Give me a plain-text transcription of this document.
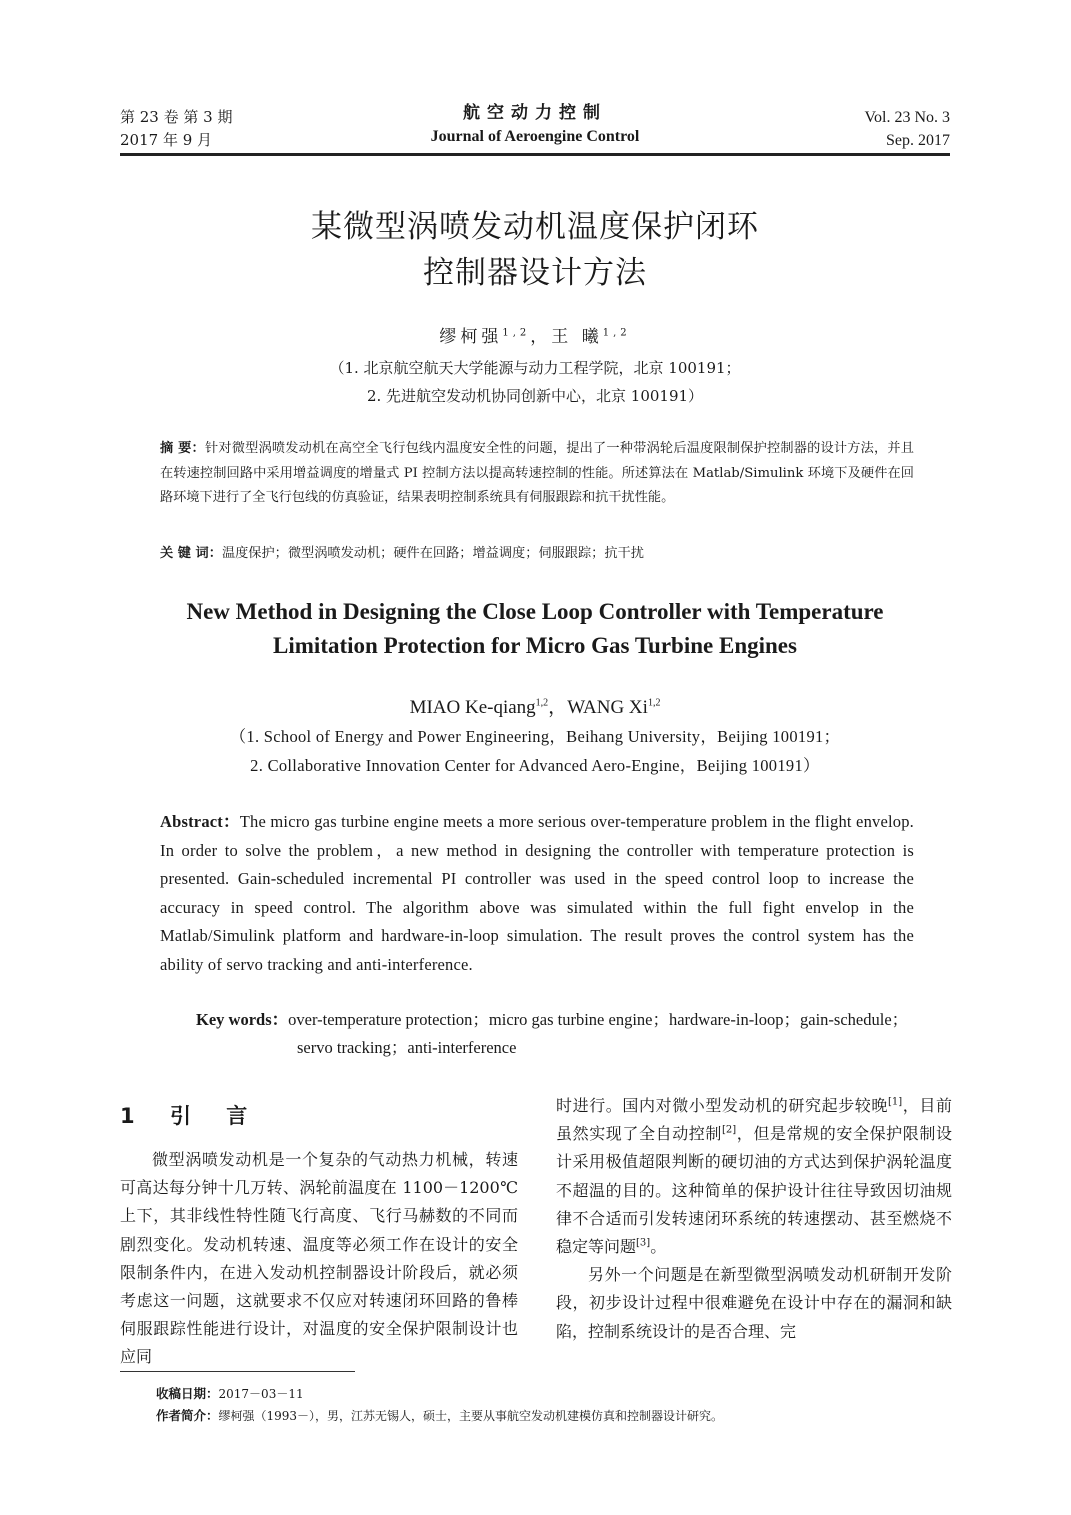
第 23 卷 第 3 期
2017 年 9 月
航空动力控制
Journal of Aeroengine Control
Vol. 23 No. 3
Sep. 2017
某微型涡喷发动机温度保护闭环
控制器设计方法
缪柯强$^{1,2}$，王 曦$^{1,2}$
（1. 北京航空航天大学能源与动力工程学院，北京 100191；
2. 先进航空发动机协同创新中心，北京 100191）
摘 要：针对微型涡喷发动机在高空全飞行包线内温度安全性的问题，提出了一种带涡轮后温度限制保护控制器的设计方法，并且在转速控制回路中采用增益调度的增量式 PI 控制方法以提高转速控制的性能。所述算法在 Matlab/Simulink 环境下及硬件在回路环境下进行了全飞行包线的仿真验证，结果表明控制系统具有伺服跟踪和抗干扰性能。
关 键 词：温度保护；微型涡喷发动机；硬件在回路；增益调度；伺服跟踪；抗干扰
New Method in Designing the Close Loop Controller with Temperature
Limitation Protection for Micro Gas Turbine Engines
MIAO Ke-qiang$^{1,2}$，WANG Xi$^{1,2}$
（1. School of Energy and Power Engineering，Beihang University，Beijing 100191；
2. Collaborative Innovation Center for Advanced Aero-Engine，Beijing 100191）
Abstract：The micro gas turbine engine meets a more serious over-temperature problem in the flight envelop. In order to solve the problem，a new method in designing the controller with temperature protection is presented. Gain-scheduled incremental PI controller was used in the speed control loop to increase the accuracy in speed control. The algorithm above was simulated within the full fight envelop in the Matlab/Simulink platform and hardware-in-loop simulation. The result proves the control system has the ability of servo tracking and anti-interference.
Key words：over-temperature protection；micro gas turbine engine；hardware-in-loop；gain-schedule；servo tracking；anti-interference
1 引 言

微型涡喷发动机是一个复杂的气动热力机械，转速可高达每分钟十几万转、涡轮前温度在 1100－1200℃上下，其非线性特性随飞行高度、飞行马赫数的不同而剧烈变化。发动机转速、温度等必须工作在设计的安全限制条件内，在进入发动机控制器设计阶段后，就必须考虑这一问题，这就要求不仅应对转速闭环回路的鲁棒伺服跟踪性能进行设计，对温度的安全保护限制设计也应同

时进行。国内对微小型发动机的研究起步较晚[1]，目前虽然实现了全自动控制[2]，但是常规的安全保护限制设计采用极值超限判断的硬切油的方式达到保护涡轮温度不超温的目的。这种简单的保护设计往往导致因切油规律不合适而引发转速闭环系统的转速摆动、甚至燃烧不稳定等问题[3]。

另外一个问题是在新型微型涡喷发动机研制开发阶段，初步设计过程中很难避免在设计中存在的漏洞和缺陷，控制系统设计的是否合理、完

收稿日期：2017－03－11
作者简介：缪柯强（1993－），男，江苏无锡人，硕士，主要从事航空发动机建模仿真和控制器设计研究。
